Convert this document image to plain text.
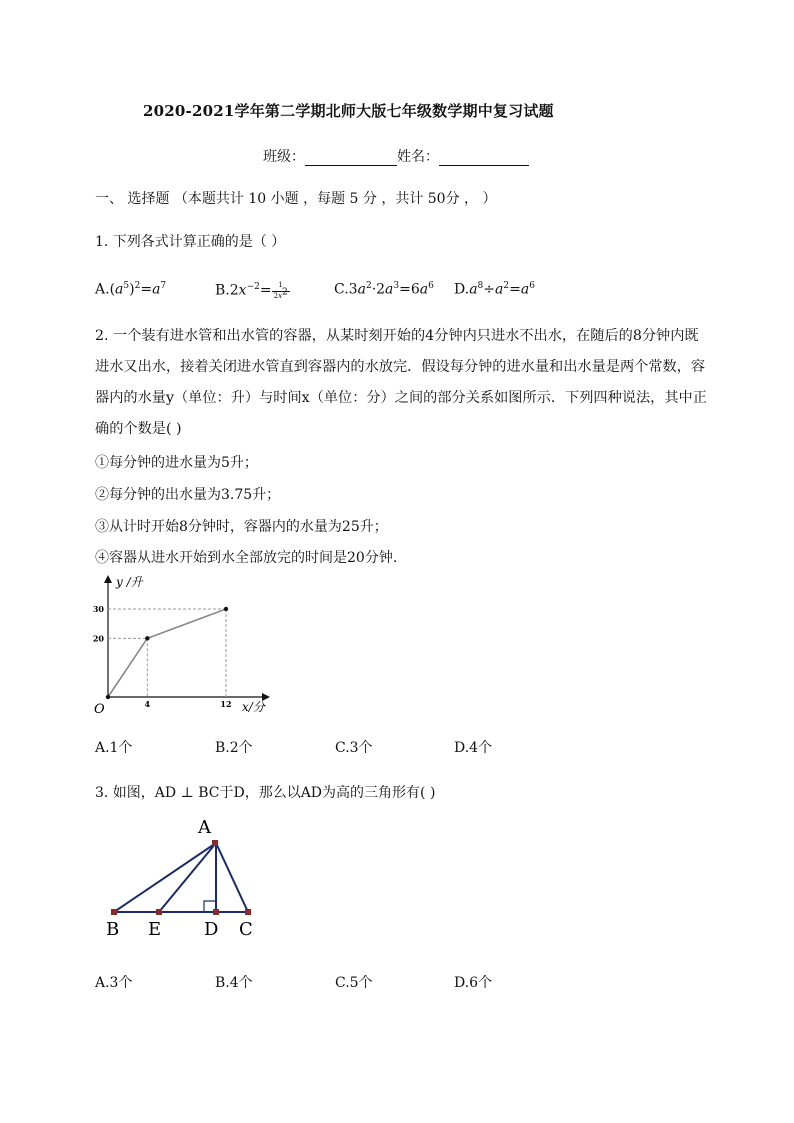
2020-2021学年第二学期北师大版七年级数学期中复习试题
班级：	姓名：
一、 选择题 （本题共计 10 小题 ，每题 5 分 ，共计 50分 ， ）
1. 下列各式计算正确的是（ ）
$A.(a^5)^2=a^7$	$B.2x^{-2}=\frac{1}{2x^2}$	$C.3a^2\cdot 2a^3=6a^6$ $D.a^8\div a^2=a^6$
2. 一个装有进水管和出水管的容器，从某时刻开始的4分钟内只进水不出水，在随后的8分钟内既进水又出水，接着关闭进水管直到容器内的水放完．假设每分钟的进水量和出水量是两个常数，容器内的水量y（单位：升）与时间x（单位：分）之间的部分关系如图所示．下列四种说法，其中正确的个数是( )
①每分钟的进水量为5升；
②每分钟的出水量为3.75升；
③从计时开始8分钟时，容器内的水量为25升；
④容器从进水开始到水全部放完的时间是20分钟.
20
30
4	12
y /升
x/分
O
A.1个	B.2个	C.3个	D.4个
3. 如图，AD ⊥ BC于D，那么以AD为高的三角形有( )
A
B E D C
A.3个	B.4个	C.5个	D.6个
